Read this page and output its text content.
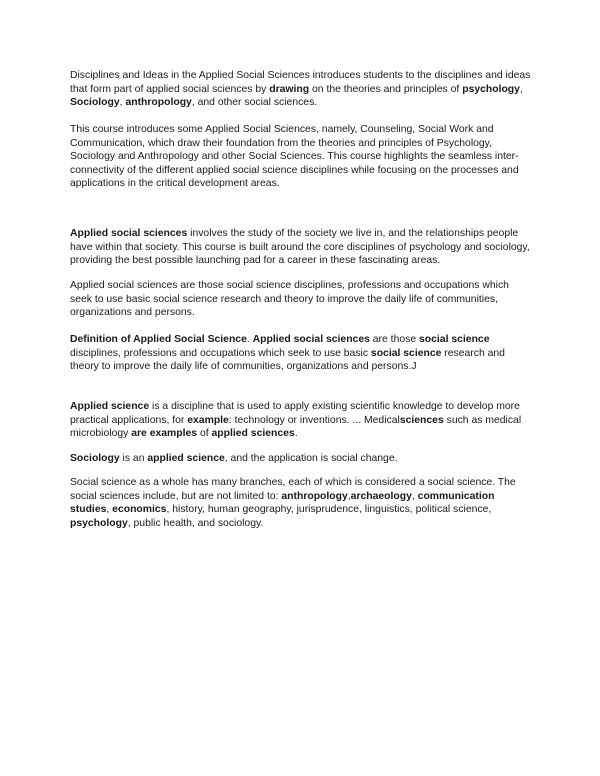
Disciplines and Ideas in the Applied Social Sciences introduces students to the disciplines and ideas that form part of applied social sciences by drawing on the theories and principles of psychology, Sociology, anthropology, and other social sciences.

This course introduces some Applied Social Sciences, namely, Counseling, Social Work and Communication, which draw their foundation from the theories and principles of Psychology, Sociology and Anthropology and other Social Sciences. This course highlights the seamless inter-connectivity of the different applied social science disciplines while focusing on the processes and applications in the critical development areas.

Applied social sciences involves the study of the society we live in, and the relationships people have within that society. This course is built around the core disciplines of psychology and sociology, providing the best possible launching pad for a career in these fascinating areas.

Applied social sciences are those social science disciplines, professions and occupations which seek to use basic social science research and theory to improve the daily life of communities, organizations and persons.

Definition of Applied Social Science. Applied social sciences are those social science disciplines, professions and occupations which seek to use basic social science research and theory to improve the daily life of communities, organizations and persons.J

Applied science is a discipline that is used to apply existing scientific knowledge to develop more practical applications, for example: technology or inventions. ... Medicalsciences such as medical microbiology are examples of applied sciences.

Sociology is an applied science, and the application is social change.

Social science as a whole has many branches, each of which is considered a social science. The social sciences include, but are not limited to: anthropology,archaeology, communication studies, economics, history, human geography, jurisprudence, linguistics, political science, psychology, public health, and sociology.
